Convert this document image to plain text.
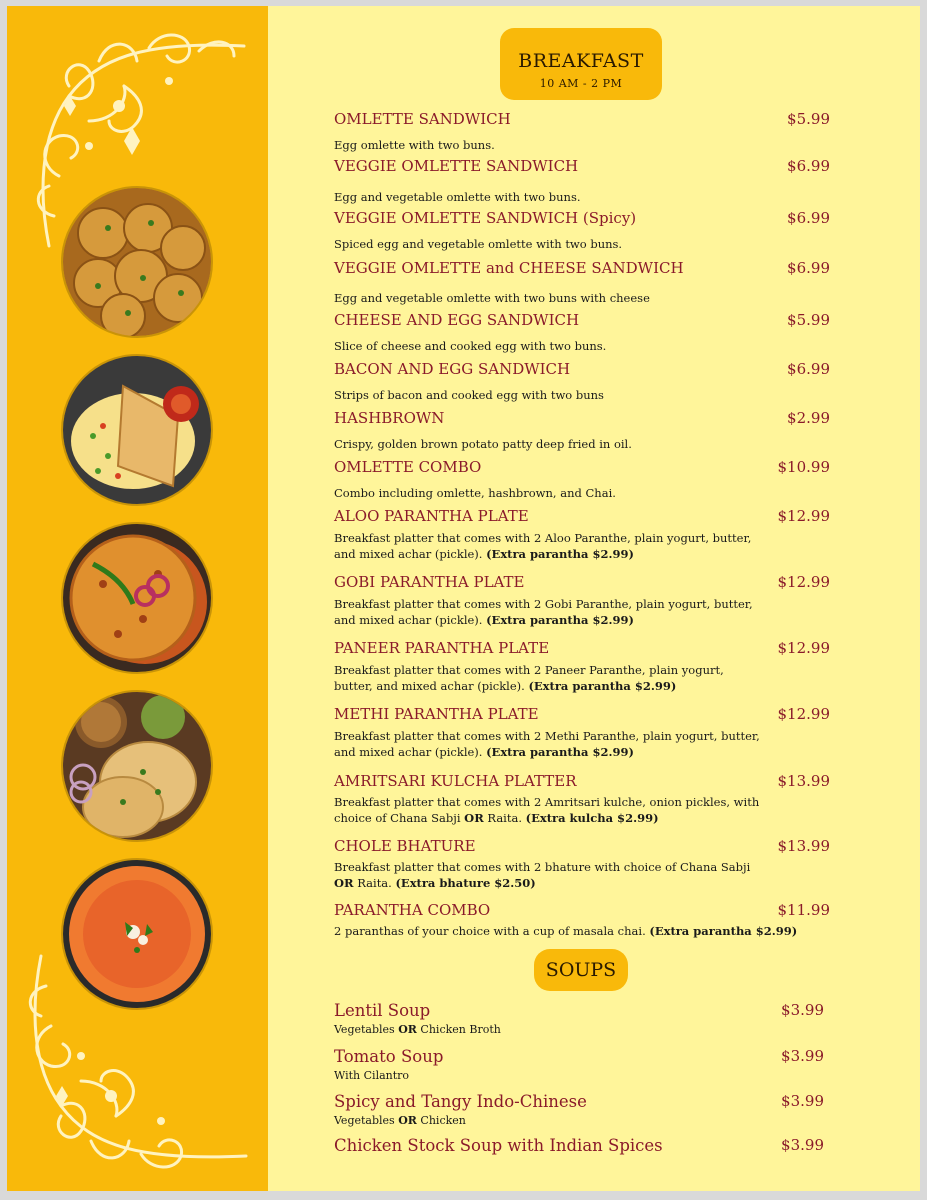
BREAKFAST
10 AM - 2 PM
OMLETTE SANDWICH	$5.99
Egg omlette with two buns.
VEGGIE OMLETTE SANDWICH	$6.99
Egg and vegetable omlette with two buns.
VEGGIE OMLETTE SANDWICH (Spicy)	$6.99
Spiced egg and vegetable omlette with two buns.
VEGGIE OMLETTE and CHEESE SANDWICH	$6.99
Egg and vegetable omlette with two buns with cheese
CHEESE AND EGG SANDWICH	$5.99
Slice of cheese and cooked egg with two buns.
BACON AND EGG SANDWICH	$6.99
Strips of bacon and cooked egg with two buns
HASHBROWN	$2.99
Crispy, golden brown potato patty deep fried in oil.
OMLETTE COMBO	$10.99
Combo including omlette, hashbrown, and Chai.
ALOO PARANTHA PLATE	$12.99
Breakfast platter that comes with 2 Aloo Paranthe, plain yogurt, butter, and mixed achar (pickle). (Extra parantha $2.99)
GOBI PARANTHA PLATE	$12.99
Breakfast platter that comes with 2 Gobi Paranthe, plain yogurt, butter, and mixed achar (pickle). (Extra parantha $2.99)
PANEER PARANTHA PLATE	$12.99
Breakfast platter that comes with 2 Paneer Paranthe, plain yogurt, butter, and mixed achar (pickle). (Extra parantha $2.99)
METHI PARANTHA PLATE	$12.99
Breakfast platter that comes with 2 Methi Paranthe, plain yogurt, butter, and mixed achar (pickle). (Extra parantha $2.99)
AMRITSARI KULCHA PLATTER	$13.99
Breakfast platter that comes with 2 Amritsari kulche, onion pickles, with choice of Chana Sabji OR Raita. (Extra kulcha $2.99)
CHOLE BHATURE	$13.99
Breakfast platter that comes with 2 bhature with choice of Chana Sabji OR Raita. (Extra bhature $2.50)
PARANTHA COMBO	$11.99
2 paranthas of your choice with a cup of masala chai. (Extra parantha $2.99)
SOUPS
Lentil Soup	$3.99
Vegetables OR Chicken Broth
Tomato Soup	$3.99
With Cilantro
Spicy and Tangy Indo-Chinese	$3.99
Vegetables OR Chicken
Chicken Stock Soup with Indian Spices	$3.99
